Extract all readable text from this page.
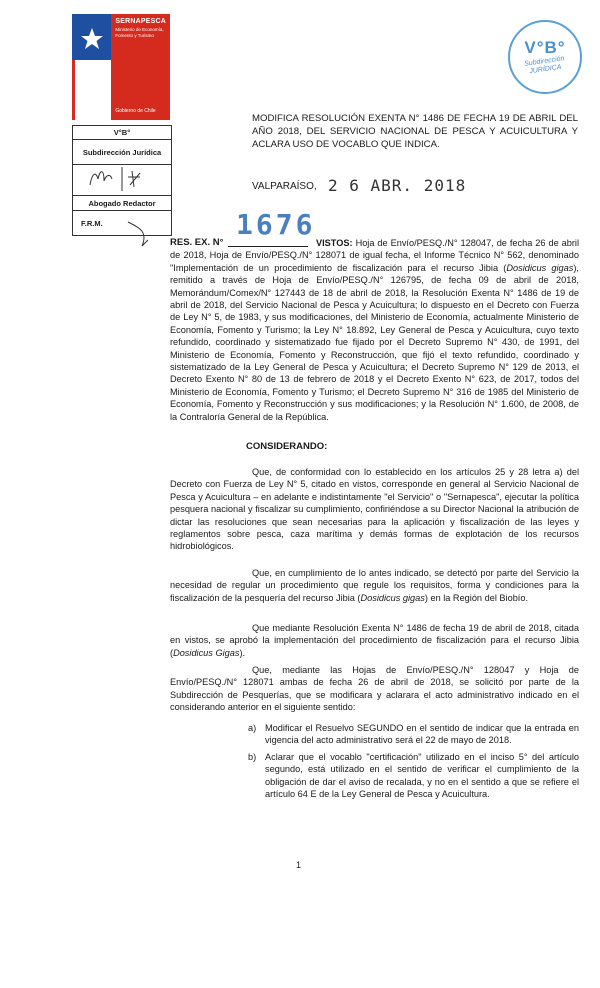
SERNAPESCA
Ministerio de Economía, Fomento y Turismo
Gobierno de Chile
V°B°
Subdirección JURÍDICA
V°B°
Subdirección Jurídica

Abogado Redactor
F.R.M.
MODIFICA RESOLUCIÓN EXENTA N° 1486 DE FECHA 19 DE ABRIL DEL AÑO 2018, DEL SERVICIO NACIONAL DE PESCA Y ACUICULTURA Y ACLARA USO DE VOCABLO QUE INDICA.
VALPARAÍSO, 2 6 ABR. 2018
1676
RES. EX. N°	VISTOS: Hoja de Envío/PESQ./N° 128047, de fecha 26 de abril de 2018, Hoja de Envío/PESQ./N° 128071 de igual fecha, el Informe Técnico N° 562, denominado "Implementación de un procedimiento de fiscalización para el recurso Jibia (Dosidicus gigas), remitido a través de Hoja de Envío/PESQ./N° 126795, de fecha 09 de abril de 2018, Memorándum/Comex/N° 127443 de 18 de abril de 2018, la Resolución Exenta N° 1486 de 19 de abril de 2018, del Servicio Nacional de Pesca y Acuicultura; lo dispuesto en el Decreto con Fuerza de Ley N° 5, de 1983, y sus modificaciones, del Ministerio de Economía, actualmente Ministerio de Economía, Fomento y Turismo; la Ley N° 18.892, Ley General de Pesca y Acuicultura, cuyo texto refundido, coordinado y sistematizado fue fijado por el Decreto Supremo N° 430, de 1991, del Ministerio de Economía, Fomento y Reconstrucción, que fijó el texto refundido, coordinado y sistematizado de la Ley General de Pesca y Acuicultura; el Decreto Supremo N° 129 de 2013, el Decreto Exento N° 80 de 13 de febrero de 2018 y el Decreto Exento N° 623, de 2017, todos del Ministerio de Economía, Fomento y Turismo; el Decreto Supremo N° 316 de 1985 del Ministerio de Economía, Fomento y Reconstrucción y sus modificaciones; y la Resolución N° 1.600, de 2008, de la Contraloría General de la República.
CONSIDERANDO:
Que, de conformidad con lo establecido en los artículos 25 y 28 letra a) del Decreto con Fuerza de Ley N° 5, citado en vistos, corresponde en general al Servicio Nacional de Pesca y Acuicultura – en adelante e indistintamente "el Servicio" o "Sernapesca", ejecutar la política pesquera nacional y fiscalizar su cumplimiento, confiriéndose a su Director Nacional la atribución de dictar las resoluciones que sean necesarias para la aplicación y fiscalización de las leyes y reglamentos sobre pesca, caza marítima y demás formas de explotación de los recursos hidrobiológicos.
Que, en cumplimiento de lo antes indicado, se detectó por parte del Servicio la necesidad de regular un procedimiento que regule los requisitos, forma y condiciones para la fiscalización de la pesquería del recurso Jibia (Dosidicus gigas) en la Región del Biobío.
Que mediante Resolución Exenta N° 1486 de fecha 19 de abril de 2018, citada en vistos, se aprobó la implementación del procedimiento de fiscalización para el recurso Jibia (Dosidicus Gigas).
Que, mediante las Hojas de Envío/PESQ./N° 128047 y Hoja de Envío/PESQ./N° 128071 ambas de fecha 26 de abril de 2018, se solicitó por parte de la Subdirección de Pesquerías, que se modificara y aclarara el acto administrativo indicado en el considerando anterior en el siguiente sentido:
a) Modificar el Resuelvo SEGUNDO en el sentido de indicar que la entrada en vigencia del acto administrativo será el 22 de mayo de 2018.
b) Aclarar que el vocablo "certificación" utilizado en el inciso 5° del artículo segundo, está utilizado en el sentido de verificar el cumplimiento de la obligación de dar el aviso de recalada, y no en el sentido a que se refiere el artículo 64 E de la Ley General de Pesca y Acuicultura.
1
